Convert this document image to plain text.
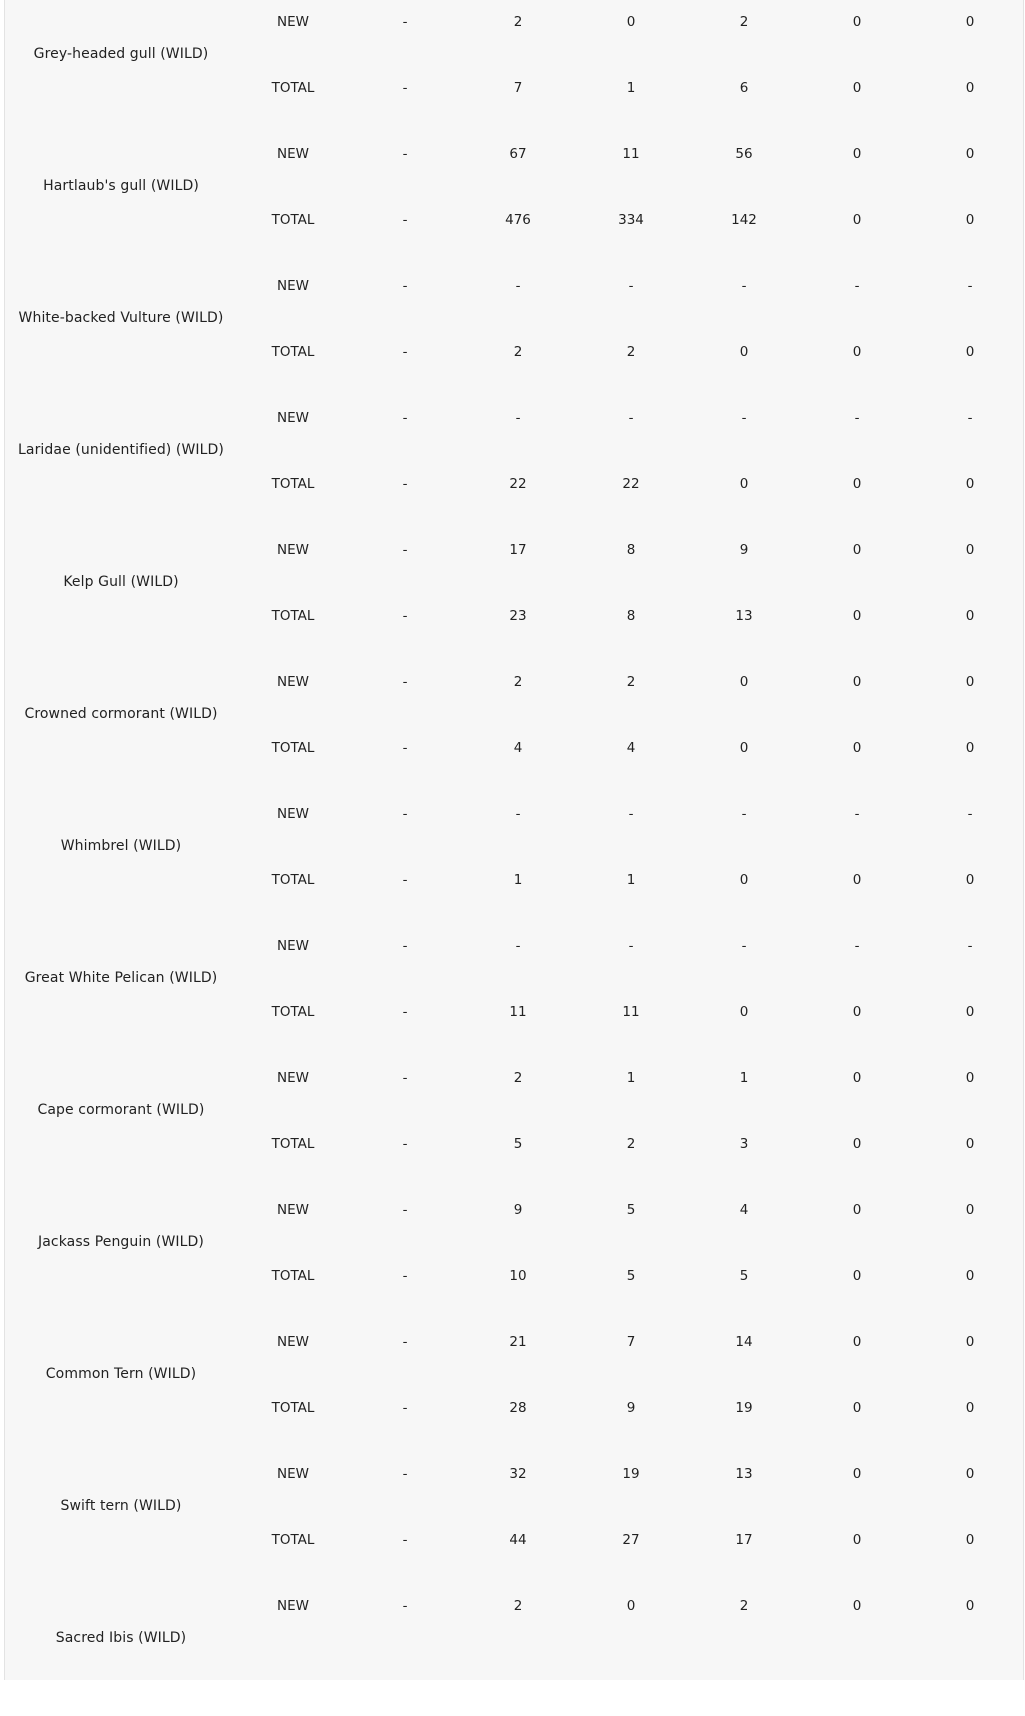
Grey-headed gull (WILD)
NEW	-	2	0	2	0	0
TOTAL	-	7	1	6	0	0
Hartlaub's gull (WILD)
NEW	-	67	11	56	0	0
TOTAL	-	476	334	142	0	0
White-backed Vulture (WILD)
NEW	-	-	-	-	-	-
TOTAL	-	2	2	0	0	0
Laridae (unidentified) (WILD)
NEW	-	-	-	-	-	-
TOTAL	-	22	22	0	0	0
Kelp Gull (WILD)
NEW	-	17	8	9	0	0
TOTAL	-	23	8	13	0	0
Crowned cormorant (WILD)
NEW	-	2	2	0	0	0
TOTAL	-	4	4	0	0	0
Whimbrel (WILD)
NEW	-	-	-	-	-	-
TOTAL	-	1	1	0	0	0
Great White Pelican (WILD)
NEW	-	-	-	-	-	-
TOTAL	-	11	11	0	0	0
Cape cormorant (WILD)
NEW	-	2	1	1	0	0
TOTAL	-	5	2	3	0	0
Jackass Penguin (WILD)
NEW	-	9	5	4	0	0
TOTAL	-	10	5	5	0	0
Common Tern (WILD)
NEW	-	21	7	14	0	0
TOTAL	-	28	9	19	0	0
Swift tern (WILD)
NEW	-	32	19	13	0	0
TOTAL	-	44	27	17	0	0
Sacred Ibis (WILD)
NEW	-	2	0	2	0	0
